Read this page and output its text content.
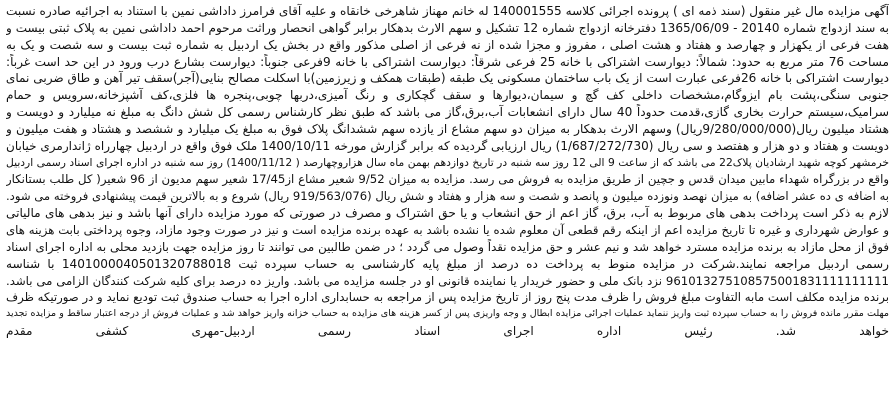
آگهی مزایده مال غیر منقول (سند ذمه ای ) پرونده اجرائی کلاسه 140001555 له خانم مهناز شاهرخی خانقاه و علیه آقای فرامرز داداشی نمین با استناد به اجرائیه صادره نسبت
به سند ازدواج شماره 20140 - 1365/06/09 دفترخانه ازدواج شماره 12 تشکیل و سهم الارث بدهکار برابر گواهی انحصار وراثت مرحوم احمد داداشی نمین به پلاک ثبتی بیست و
هفت فرعی از یکهزار و چهارصد و هفتاد و هشت اصلی ، مفروز و مجزا شده از نه فرعی از اصلی مذکور واقع در بخش یک اردبیل به شماره ثبت بیست و سه شصت و یک به
مساحت 76 متر مربع به حدود: شمالاً: دیوارست اشتراکی با خانه 25 فرعی شرقاً: دیوارست اشتراکی با خانه 9فرعی جنوباً: دیوارست بشارع درب ورود در این حد است غرباً:
دیوارست اشتراکی با خانه 26فرعی عبارت است از یک باب ساختمان مسکونی یک طبقه (طبقات همکف و زیرزمین)با اسکلت مصالح بنایی(آجر)سقف تیر آهن و طاق ضربی نمای
جنوبی سنگی،پشت بام ایزوگام،مشخصات داخلی کف گچ و سیمان،دیوارها و سقف گچکاری و رنگ آمیزی،دربها چوبی،پنجره ها فلزی،کف آشپزخانه،سرویس و حمام
سرامیک،سیستم حرارت بخاری گازی،قدمت حدوداً 40 سال دارای انشعابات آب،برق،گاز می باشد که طبق نظر کارشناس رسمی کل شش دانگ به مبلغ نه میلیارد و دویست و
هشتاد میلیون ریال(9/280/000/000ریال) وسهم الارث بدهکار به میزان دو سهم مشاع از یازده سهم ششدانگ پلاک فوق به مبلغ یک میلیارد و ششصد و هشتاد و هفت میلیون و
دویست و هفتاد و دو هزار و هفتصد و سی ریال (1/687/272/730) ریال ارزیابی گردیده که برابر گزارش مورخه 1400/10/11 ملک فوق واقع در اردبیل چهارراه ژاندارمری خیابان
خرمشهر کوچه شهید ارشادیان پلاک22 می باشد که از ساعت 9 الی 12 روز سه شنبه در تاریخ دوازدهم بهمن ماه سال هزاروچهارصد ( 1400/11/12) روز سه شنبه در اداره اجرای اسناد رسمی اردبیل
واقع در بزرگراه شهداء مابین میدان قدس و جچین از طریق مزایده به فروش می رسد. مزایده به میزان 9/52 شعیر مشاع از17/45 شعیر سهم مدیون از 96 شعیر( کل طلب بستانکار
به اضافه ی ده عشر اضافه) به میزان نهصد ونوزده میلیون و پانصد و شصت و سه هزار و هفتاد و شش ریال (919/563/076 ریال) شروع و به بالاترین قیمت پیشنهادی فروخته می شود.
لازم به ذکر است پرداخت بدهی های مربوط به آب، برق، گاز اعم از حق انشعاب و یا حق اشتراک و مصرف در صورتی که مورد مزایده دارای آنها باشد و نیز بدهی های مالیاتی
و عوارض شهرداری و غیره تا تاریخ مزایده اعم از اینکه رقم قطعی آن معلوم شده یا نشده باشد به عهده برنده مزایده است و نیز در صورت وجود مازاد، وجوه پرداختی بابت هزینه های
فوق از محل مازاد به برنده مزایده مسترد خواهد شد و نیم عشر و حق مزایده نقداً وصول می گردد ؛ در ضمن طالبین می توانند تا روز مزایده جهت بازدید محلی به اداره اجرای اسناد
رسمی اردبیل مراجعه نمایند.شرکت در مزایده منوط به پرداخت ده درصد از مبلغ پایه کارشناسی به حساب سپرده ثبت 1401000040501320788018 با شناسه
961013275108575001831111111111 نزد بانک ملی و حضور خریدار یا نماینده قانونی او در جلسه مزایده می باشد. واریز ده درصد برای کلیه شرکت کنندگان الزامی می باشد.
برنده مزایده مکلف است مابه التفاوت مبلغ فروش را ظرف مدت پنج روز از تاریخ مزایده پس از مراجعه به حسابداری اداره اجرا به حساب صندوق ثبت تودیع نماید و در صورتیکه ظرف
مهلت مقرر مانده فروش را به حساب سپرده ثبت واریز ننماید عملیات اجرائی مزایده ابطال و وجه واریزی پس از کسر هزینه های مزایده به حساب خزانه واریز خواهد شد و عملیات فروش از درجه اعتبار ساقط و مزایده تجدید
خواهد شد. رئیس اداره اجرای اسناد رسمی اردبیل-مهری کشفی مقدم
